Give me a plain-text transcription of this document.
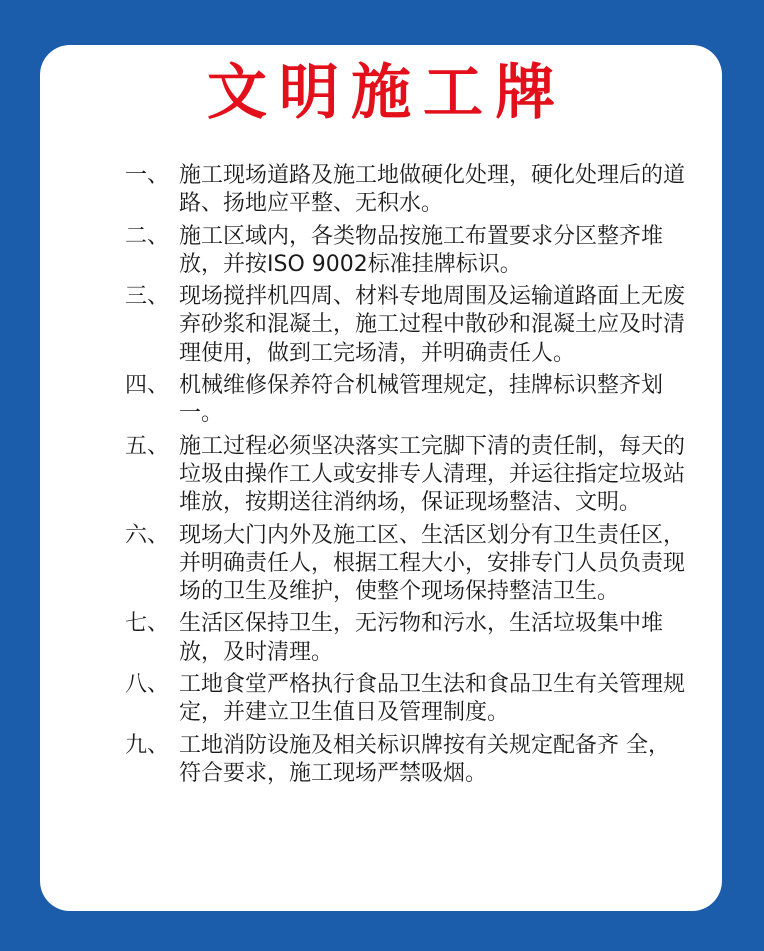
文明施工牌
一、 施工现场道路及施工地做硬化处理，硬化处理后的道路、扬地应平整、无积水。
二、 施工区域内，各类物品按施工布置要求分区整齐堆放，并按ISO 9002标准挂牌标识。
三、 现场搅拌机四周、材料专地周围及运输道路面上无废弃砂浆和混凝土，施工过程中散砂和混凝土应及时清理使用，做到工完场清，并明确责任人。
四、 机械维修保养符合机械管理规定，挂牌标识整齐划一。
五、 施工过程必须坚决落实工完脚下清的责任制，每天的垃圾由操作工人或安排专人清理，并运往指定垃圾站堆放，按期送往消纳场，保证现场整洁、文明。
六、 现场大门内外及施工区、生活区划分有卫生责任区，并明确责任人，根据工程大小，安排专门人员负责现场的卫生及维护，使整个现场保持整洁卫生。
七、 生活区保持卫生，无污物和污水，生活垃圾集中堆放，及时清理。
八、 工地食堂严格执行食品卫生法和食品卫生有关管理规定，并建立卫生值日及管理制度。
九、 工地消防设施及相关标识牌按有关规定配备齐 全，符合要求，施工现场严禁吸烟。
